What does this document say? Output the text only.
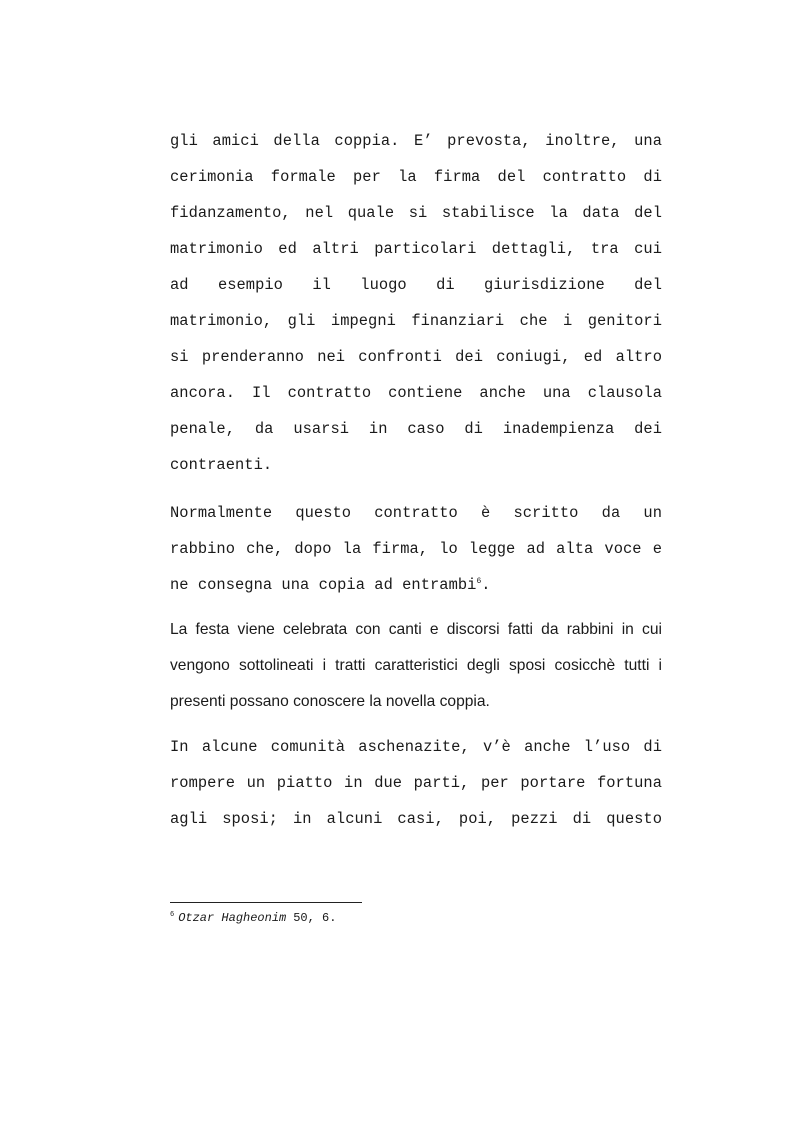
gli amici della coppia. E’ prevosta, inoltre, una
cerimonia formale per la firma del contratto di
fidanzamento, nel quale si stabilisce la data del
matrimonio ed altri particolari dettagli, tra cui
ad esempio il luogo di giurisdizione del
matrimonio, gli impegni finanziari che i genitori
si prenderanno nei confronti dei coniugi, ed altro
ancora. Il contratto contiene anche una clausola
penale, da usarsi in caso di inadempienza dei
contraenti.
Normalmente questo contratto è scritto da un
rabbino che, dopo la firma, lo legge ad alta voce e
ne consegna una copia ad entrambi$^6$.
La festa viene celebrata con canti e discorsi fatti da rabbini in cui
vengono sottolineati i tratti caratteristici degli sposi cosicchè tutti i
presenti possano conoscere la novella coppia.
In alcune comunità aschenazite, v’è anche l’uso di
rompere un piatto in due parti, per portare fortuna
agli sposi; in alcuni casi, poi, pezzi di questo
$^6$ Otzar Hagheonim 50, 6.
